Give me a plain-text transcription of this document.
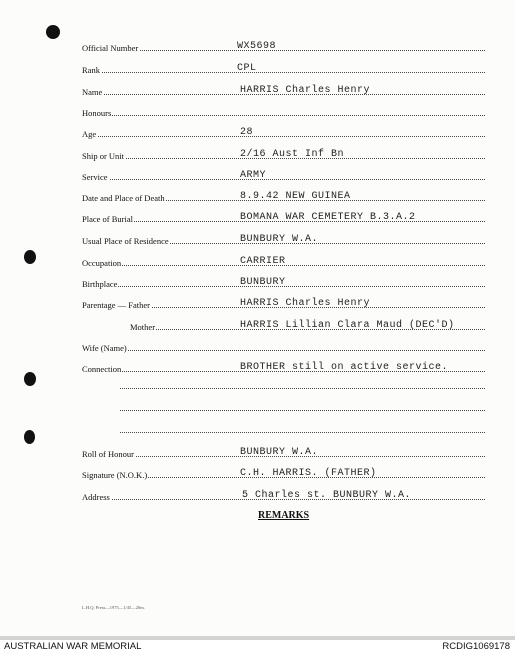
Official Number	WX5698
Rank	CPL
Name	HARRIS Charles Henry
Honours
Age	28
Ship or Unit	2/16 Aust Inf Bn
Service	ARMY
Date and Place of Death	8.9.42 NEW GUINEA
Place of Burial	BOMANA WAR CEMETERY B.3.A.2
Usual Place of Residence	BUNBURY W.A.
Occupation	CARRIER
Birthplace	BUNBURY
Parentage — Father	HARRIS Charles Henry
Mother	HARRIS Lillian Clara Maud (DEC'D)
Wife (Name)
Connection	BROTHER still on active service.
Roll of Honour	BUNBURY W.A.
Signature (N.O.K.)	C.H. HARRIS. (FATHER)
Address	5 Charles st. BUNBURY W.A.
REMARKS
L.H.Q. Press—1975—1/45—20m.
AUSTRALIAN WAR MEMORIAL	RCDIG1069178
